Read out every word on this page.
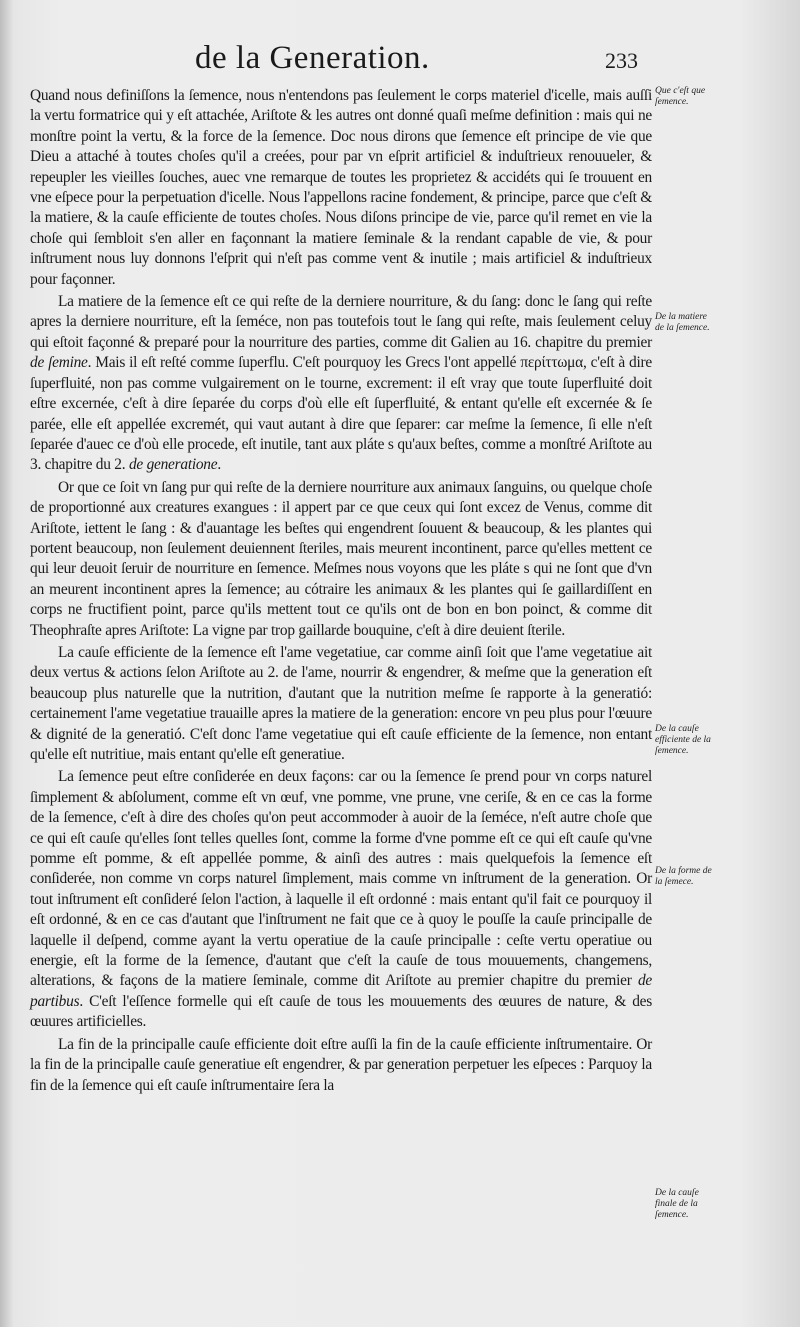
de la Generation.	233

Quand nous definiſſons la ſemence, nous n'entendons pas ſeulement le corps materiel d'icelle, mais auſſi la vertu formatrice qui y eſt attachée, Ariſtote & les autres ont donné quaſi meſme definition : mais qui ne monſtre point la vertu, & la force de la ſemence. Doc nous dirons que ſemence eſt principe de vie que Dieu a attaché à toutes choſes qu'il a creées, pour par vn eſprit artificiel & induſtrieux renouueler, & repeupler les vieilles ſouches, auec vne remarque de toutes les proprietez & accidéts qui ſe trouuent en vne eſpece pour la perpetuation d'icelle. Nous l'appellons racine fondement, & principe, parce que c'eſt & la matiere, & la cauſe efficiente de toutes choſes. Nous diſons principe de vie, parce qu'il remet en vie la choſe qui ſembloit s'en aller en façonnant la matiere ſeminale & la rendant capable de vie, & pour inſtrument nous luy donnons l'eſprit qui n'eſt pas comme vent & inutile ; mais artificiel & induſtrieux pour façonner.

La matiere de la ſemence eſt ce qui reſte de la derniere nourriture, & du ſang: donc le ſang qui reſte apres la derniere nourriture, eſt la ſeméce, non pas toutefois tout le ſang qui reſte, mais ſeulement celuy qui eſtoit façonné & preparé pour la nourriture des parties, comme dit Galien au 16. chapitre du premier de ſemine. Mais il eſt reſté comme ſuperflu. C'eſt pourquoy les Grecs l'ont appellé περίττωμα, c'eſt à dire ſuperfluité, non pas comme vulgairement on le tourne, excrement: il eſt vray que toute ſuperfluité doit eſtre excernée, c'eſt à dire ſeparée du corps d'où elle eſt ſuperfluité, & entant qu'elle eſt excernée & ſe parée, elle eſt appellée excremét, qui vaut autant à dire que ſeparer: car meſme la ſemence, ſi elle n'eſt ſeparée d'auec ce d'où elle procede, eſt inutile, tant aux pláte s qu'aux beſtes, comme a monſtré Ariſtote au 3. chapitre du 2. de generatione.

Or que ce ſoit vn ſang pur qui reſte de la derniere nourriture aux animaux ſanguins, ou quelque choſe de proportionné aux creatures exangues : il appert par ce que ceux qui ſont excez de Venus, comme dit Ariſtote, iettent le ſang : & d'auantage les beſtes qui engendrent ſouuent & beaucoup, & les plantes qui portent beaucoup, non ſeulement deuiennent ſteriles, mais meurent incontinent, parce qu'elles mettent ce qui leur deuoit ſeruir de nourriture en ſemence. Meſmes nous voyons que les pláte s qui ne ſont que d'vn an meurent incontinent apres la ſemence; au cótraire les animaux & les plantes qui ſe gaillardiſſent en corps ne fructifient point, parce qu'ils mettent tout ce qu'ils ont de bon en bon poinct, & comme dit Theophraſte apres Ariſtote: La vigne par trop gaillarde bouquine, c'eſt à dire deuient ſterile.

La cauſe efficiente de la ſemence eſt l'ame vegetatiue, car comme ainſi ſoit que l'ame vegetatiue ait deux vertus & actions ſelon Ariſtote au 2. de l'ame, nourrir & engendrer, & meſme que la generation eſt beaucoup plus naturelle que la nutrition, d'autant que la nutrition meſme ſe rapporte à la generatió: certainement l'ame vegetatiue trauaille apres la matiere de la generation: encore vn peu plus pour l'œuure & dignité de la generatió. C'eſt donc l'ame vegetatiue qui eſt cauſe efficiente de la ſemence, non entant qu'elle eſt nutritiue, mais entant qu'elle eſt generatiue.

La ſemence peut eſtre conſiderée en deux façons: car ou la ſemence ſe prend pour vn corps naturel ſimplement & abſolument, comme eſt vn œuf, vne pomme, vne prune, vne ceriſe, & en ce cas la forme de la ſemence, c'eſt à dire des choſes qu'on peut accommoder à auoir de la ſeméce, n'eſt autre choſe que ce qui eſt cauſe qu'elles ſont telles quelles ſont, comme la forme d'vne pomme eſt ce qui eſt cauſe qu'vne pomme eſt pomme, & eſt appellée pomme, & ainſi des autres : mais quelquefois la ſemence eſt conſiderée, non comme vn corps naturel ſimplement, mais comme vn inſtrument de la generation. Or tout inſtrument eſt conſideré ſelon l'action, à laquelle il eſt ordonné : mais entant qu'il fait ce pourquoy il eſt ordonné, & en ce cas d'autant que l'inſtrument ne fait que ce à quoy le pouſſe la cauſe principalle de laquelle il deſpend, comme ayant la vertu operatiue de la cauſe principalle : ceſte vertu operatiue ou energie, eſt la forme de la ſemence, d'autant que c'eſt la cauſe de tous mouuements, changemens, alterations, & façons de la matiere ſeminale, comme dit Ariſtote au premier chapitre du premier de partibus. C'eſt l'eſſence formelle qui eſt cauſe de tous les mouuements des œuures de nature, & des œuures artificielles.

La fin de la principalle cauſe efficiente doit eſtre auſſi la fin de la cauſe efficiente inſtrumentaire. Or la fin de la principalle cauſe generatiue eſt engendrer, & par generation perpetuer les eſpeces : Parquoy la fin de la ſemence qui eſt cauſe inſtrumentaire ſera la

Que c'eſt que ſemence.
De la matiere de la ſemence.
De la cauſe efficiente de la ſemence.
De la forme de la ſemece.
De la cauſe finale de la ſemence.
